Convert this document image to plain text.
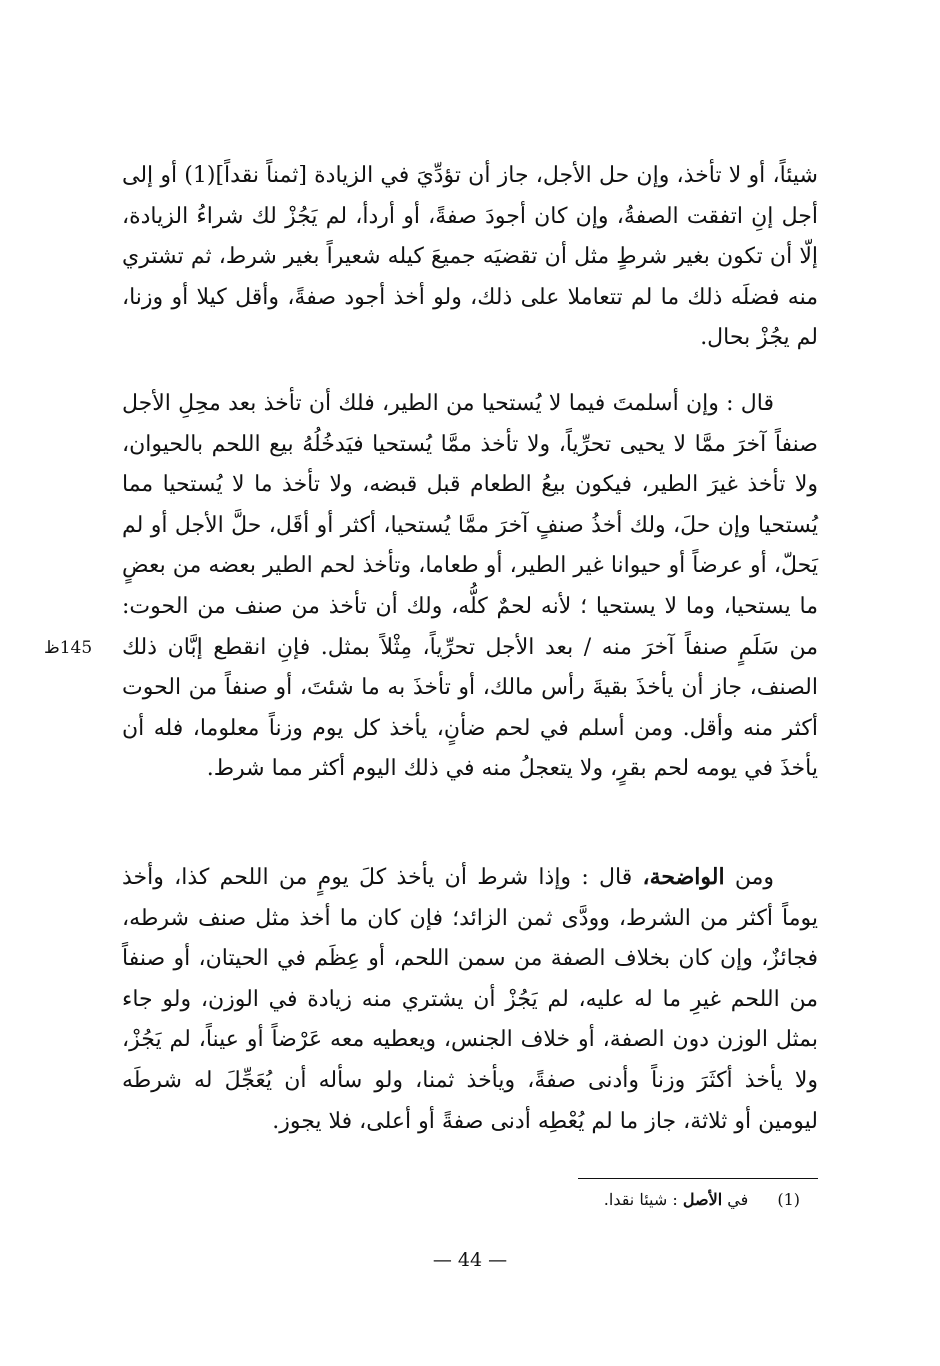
شيئاً، أو لا تأخذ، وإن حل الأجل، جاز أن تؤدِّيَ في الزيادة [ثمناً نقداً](1) أو إلى أجل إنِ اتفقت الصفةُ، وإن كان أجودَ صفةً، أو أردأ، لم يَجُزْ لك شراءُ الزيادة، إلّا أن تكون بغير شرطٍ مثل أن تقضيَه جميعَ كيله شعيراً بغير شرط، ثم تشتري منه فضلَه ذلك ما لم تتعاملا على ذلك، ولو أخذ أجود صفةً، وأقل كيلا أو وزنا، لم يجُزْ بحال.

قال : وإن أسلمتَ فيما لا يُستحيا من الطير، فلك أن تأخذ بعد محِلِ الأجل صنفاً آخرَ ممَّا لا يحيى تحرِّياً، ولا تأخذ ممَّا يُستحيا فيَدخُلُهُ بيع اللحم بالحيوان، ولا تأخذ غيرَ الطير، فيكون بيعُ الطعام قبل قبضه، ولا تأخذ ما لا يُستحيا مما يُستحيا وإن حلَ، ولك أخذُ صنفٍ آخرَ ممَّا يُستحيا، أكثر أو أقَل، حلَّ الأجل أو لم يَحلّ، أو عرضاً أو حيوانا غير الطير، أو طعاما، وتأخذ لحم الطير بعضه من بعضٍ ما يستحيا، وما لا يستحيا ؛ لأنه لحمٌ كلُّه، ولك أن تأخذ من صنف من الحوت: من سَلَمٍ صنفاً آخرَ منه / بعد الأجل تحرِّياً، مِثْلاً بمثل. فإنِ انقطع إبَّان ذلك الصنف، جاز أن يأخذَ بقيةَ رأس مالك، أو تأخذَ به ما شئتَ، أو صنفاً من الحوت أكثر منه وأقل. ومن أسلم في لحم ضأنٍ، يأخذ كل يوم وزناً معلوما، فله أن يأخذَ في يومه لحم بقرٍ، ولا يتعجلُ منه في ذلك اليوم أكثر مما شرط.

ومن الواضحة، قال : وإذا شرط أن يأخذ كلَ يومٍ من اللحم كذا، وأخذ يوماً أكثر من الشرط، وودَّى ثمن الزائد؛ فإن كان ما أخذ مثل صنف شرطه، فجائزٌ، وإن كان بخلاف الصفة من سمن اللحم، أو عِظَم في الحيتان، أو صنفاً من اللحم غيرِ ما له عليه، لم يَجُزْ أن يشتري منه زيادة في الوزن، ولو جاء بمثل الوزن دون الصفة، أو خلاف الجنس، ويعطيه معه عَرْضاً أو عيناً، لم يَجُزْ، ولا يأخذ أكثَرَ وزناً وأدنى صفةً، ويأخذ ثمنا، ولو سأله أن يُعَجِّلَ له شرطَه ليومين أو ثلاثة، جاز ما لم يُعْطِه أدنى صفةً أو أعلى، فلا يجوز.

145ظ
(1) في الأصل : شيئا نقدا.
— 44 —
